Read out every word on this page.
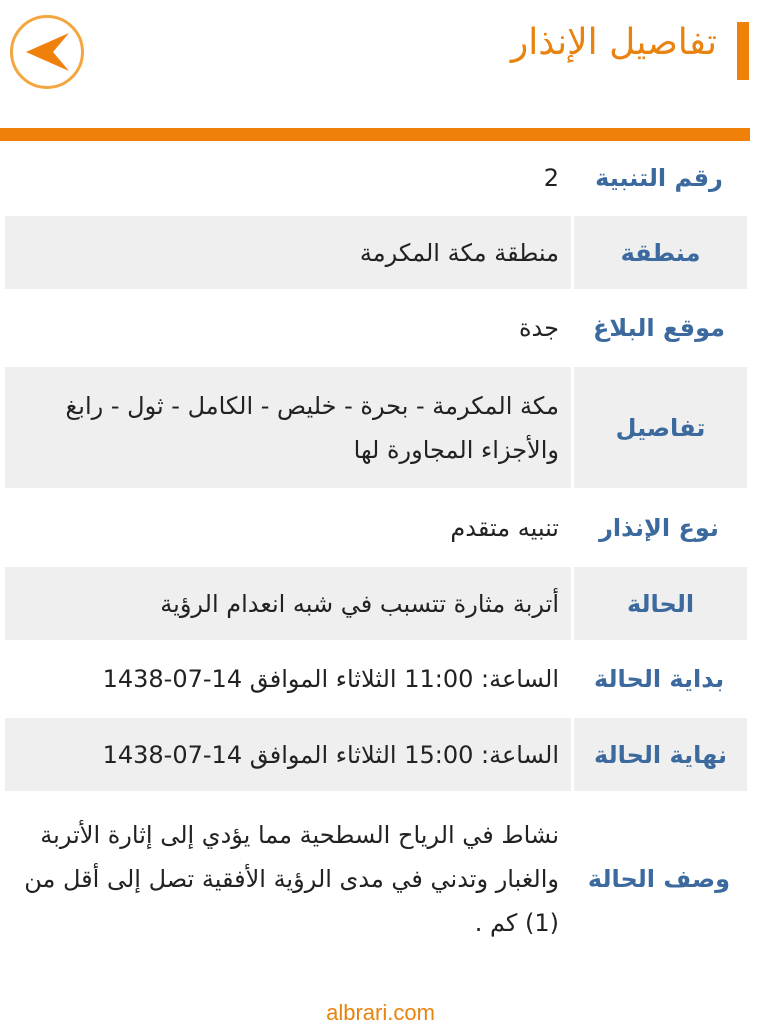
تفاصيل الإنذار
رقم التنبية
2
منطقة
منطقة مكة المكرمة
موقع البلاغ
جدة
تفاصيل
مكة المكرمة - بحرة - خليص - الكامل - ثول - رابغ والأجزاء المجاورة لها
نوع الإنذار
تنبيه متقدم
الحالة
أتربة مثارة تتسبب في شبه انعدام الرؤية
بداية الحالة
الساعة: 11:00 الثلاثاء الموافق 14-07-1438
نهاية الحالة
الساعة: 15:00 الثلاثاء الموافق 14-07-1438
وصف الحالة
نشاط في الرياح السطحية مما يؤدي إلى إثارة الأتربة والغبار وتدني في مدى الرؤية الأفقية تصل إلى أقل من (1) كم .
albrari.com
